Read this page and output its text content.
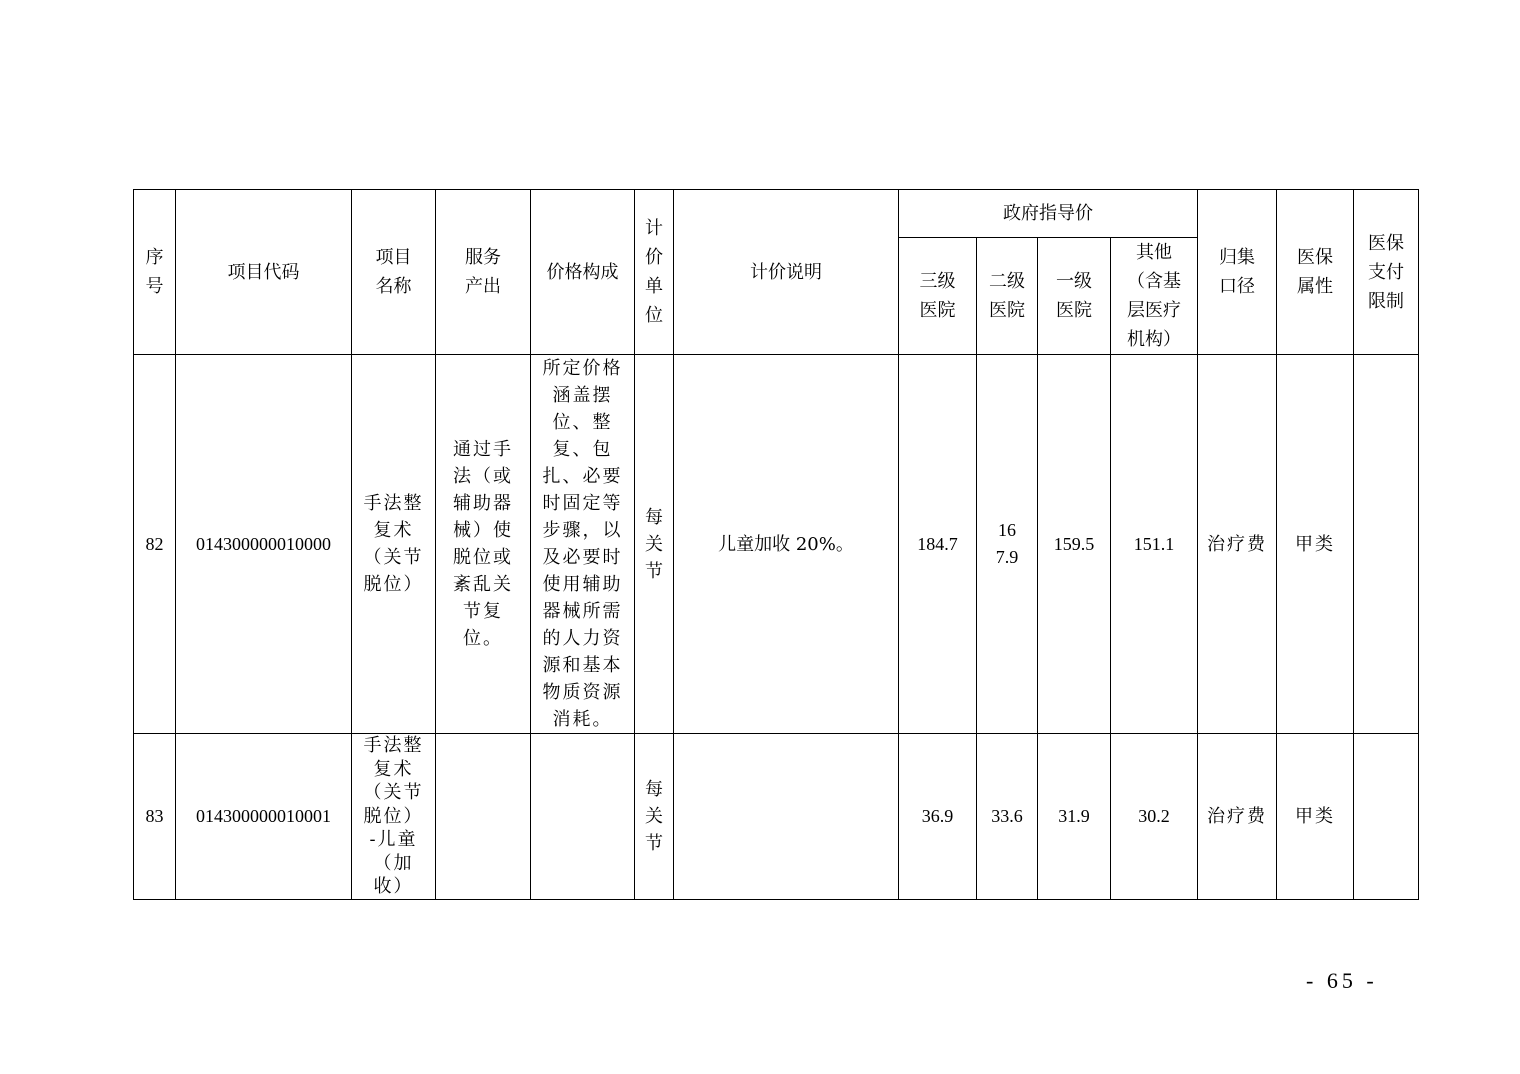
序号	项目代码	项目名称	服务产出	价格构成	计价单位	计价说明	政府指导价				归集口径	医保属性	医保支付限制
							三级医院	二级医院	一级医院	其他（含基层医疗机构）			
82	014300000010000	手法整复术（关节脱位）	通过手法（或辅助器械）使脱位或紊乱关节复位。	所定价格涵盖摆位、整复、包扎、必要时固定等步骤，以及必要时使用辅助器械所需的人力资源和基本物质资源消耗。	每关节	儿童加收 20%。	184.7	167.9	159.5	151.1	治疗费	甲类	
83	014300000010001	手法整复术（关节脱位）-儿童（加收）			每关节		36.9	33.6	31.9	30.2	治疗费	甲类	
- 65 -
